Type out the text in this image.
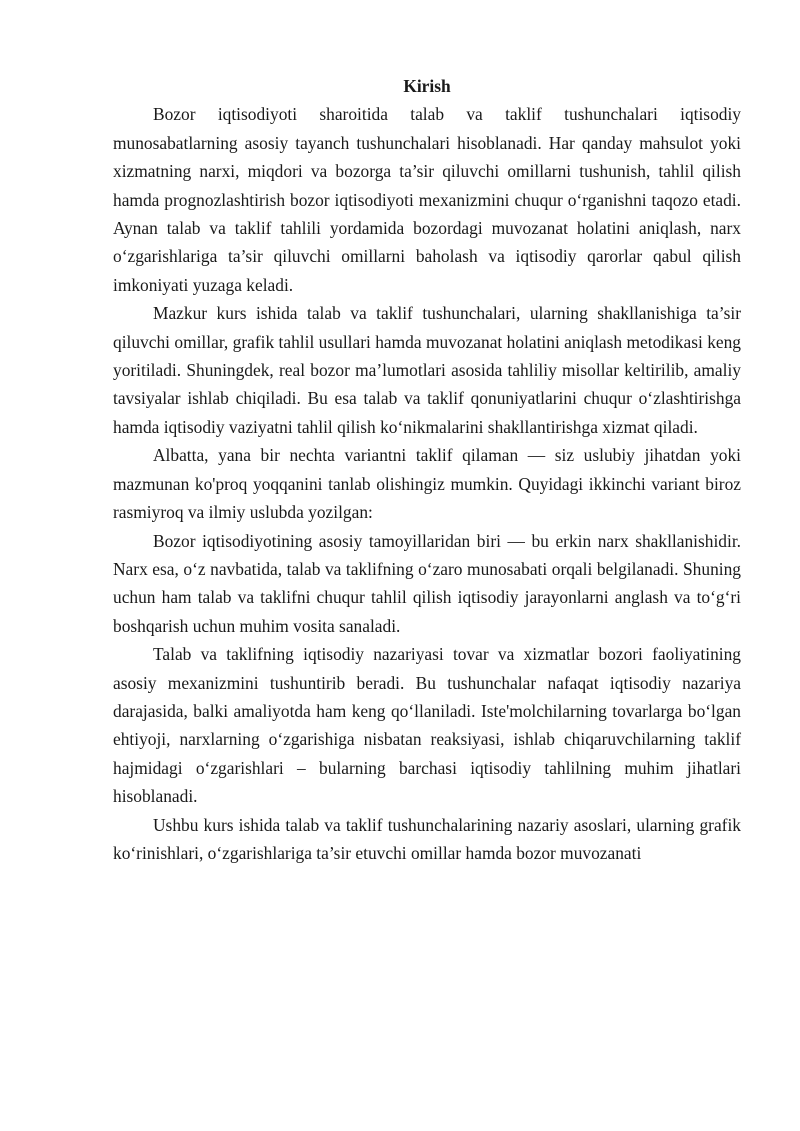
Kirish

Bozor iqtisodiyoti sharoitida talab va taklif tushunchalari iqtisodiy munosabatlarning asosiy tayanch tushunchalari hisoblanadi. Har qanday mahsulot yoki xizmatning narxi, miqdori va bozorga ta’sir qiluvchi omillarni tushunish, tahlil qilish hamda prognozlashtirish bozor iqtisodiyoti mexanizmini chuqur o‘rganishni taqozo etadi. Aynan talab va taklif tahlili yordamida bozordagi muvozanat holatini aniqlash, narx o‘zgarishlariga ta’sir qiluvchi omillarni baholash va iqtisodiy qarorlar qabul qilish imkoniyati yuzaga keladi.

Mazkur kurs ishida talab va taklif tushunchalari, ularning shakllanishiga ta’sir qiluvchi omillar, grafik tahlil usullari hamda muvozanat holatini aniqlash metodikasi keng yoritiladi. Shuningdek, real bozor ma’lumotlari asosida tahliliy misollar keltirilib, amaliy tavsiyalar ishlab chiqiladi. Bu esa talab va taklif qonuniyatlarini chuqur o‘zlashtirishga hamda iqtisodiy vaziyatni tahlil qilish ko‘nikmalarini shakllantirishga xizmat qiladi.

Albatta, yana bir nechta variantni taklif qilaman — siz uslubiy jihatdan yoki mazmunan ko'proq yoqqanini tanlab olishingiz mumkin. Quyidagi ikkinchi variant biroz rasmiyroq va ilmiy uslubda yozilgan:

Bozor iqtisodiyotining asosiy tamoyillaridan biri — bu erkin narx shakllanishidir. Narx esa, o‘z navbatida, talab va taklifning o‘zaro munosabati orqali belgilanadi. Shuning uchun ham talab va taklifni chuqur tahlil qilish iqtisodiy jarayonlarni anglash va to‘g‘ri boshqarish uchun muhim vosita sanaladi.

Talab va taklifning iqtisodiy nazariyasi tovar va xizmatlar bozori faoliyatining asosiy mexanizmini tushuntirib beradi. Bu tushunchalar nafaqat iqtisodiy nazariya darajasida, balki amaliyotda ham keng qo‘llaniladi. Iste'molchilarning tovarlarga bo‘lgan ehtiyoji, narxlarning o‘zgarishiga nisbatan reaksiyasi, ishlab chiqaruvchilarning taklif hajmidagi o‘zgarishlari – bularning barchasi iqtisodiy tahlilning muhim jihatlari hisoblanadi.

Ushbu kurs ishida talab va taklif tushunchalarining nazariy asoslari, ularning grafik ko‘rinishlari, o‘zgarishlariga ta’sir etuvchi omillar hamda bozor muvozanati
